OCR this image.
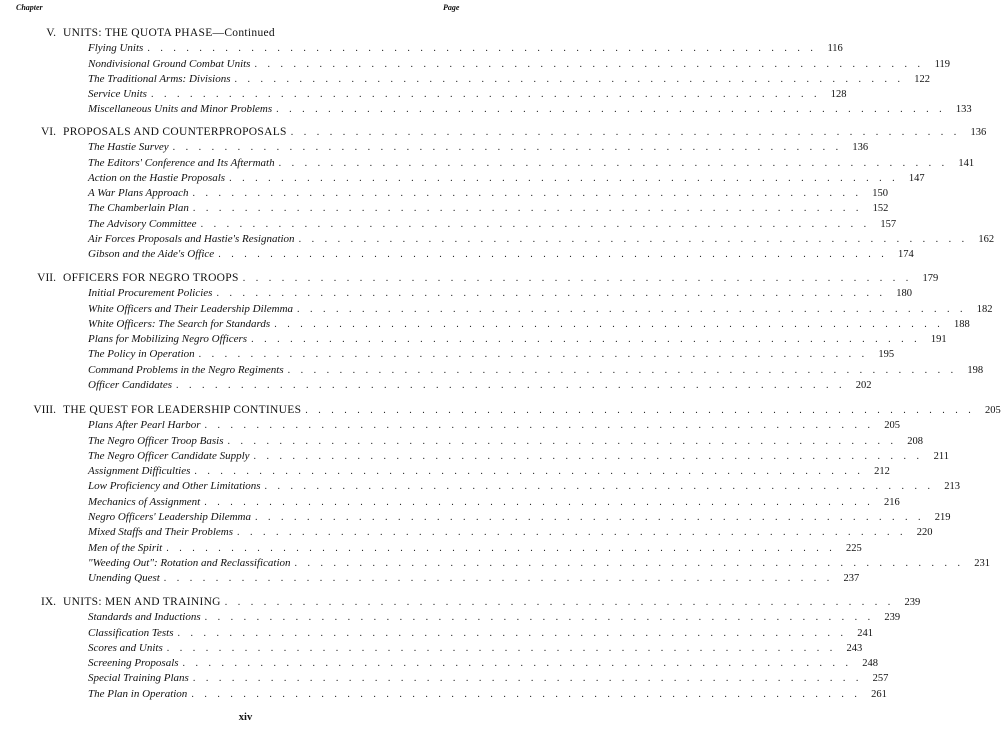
Chapter	Page
V. UNITS: THE QUOTA PHASE—Continued
Flying Units . . . . . . . . . . . . . . . . . . . . . . . . . . . . . . . . . . . . . . . . . . . . . . . . . . . .	116
Nondivisional Ground Combat Units . . . . . . . . . . . . . . . . . . . . . . . . . . . . . . . . . . . . . . . . . . . . . . . . . . . .	119
The Traditional Arms: Divisions . . . . . . . . . . . . . . . . . . . . . . . . . . . . . . . . . . . . . . . . . . . . . . . . . . . . 122
Service Units . . . . . . . . . . . . . . . . . . . . . . . . . . . . . . . . . . . . . . . . . . . . . . . . . . . . 128
Miscellaneous Units and Minor Problems . . . . . . . . . . . . . . . . . . . . . . . . . . . . . . . . . . . . . . . . . . . . . . . . . . . . 133
VI. PROPOSALS AND COUNTERPROPOSALS . . . . . . . . . . . . . . . . . . . . . . . . . . . . . . . . . . . . . . . . . . . . . . . . . . . . 136
The Hastie Survey . . . . . . . . . . . . . . . . . . . . . . . . . . . . . . . . . . . . . . . . . . . . . . . . . . . . 136
The Editors' Conference and Its Aftermath . . . . . . . . . . . . . . . . . . . . . . . . . . . . . . . . . . . . . . . . . . . . . . . . . . . . 141
Action on the Hastie Proposals . . . . . . . . . . . . . . . . . . . . . . . . . . . . . . . . . . . . . . . . . . . . . . . . . . . . 147
A War Plans Approach . . . . . . . . . . . . . . . . . . . . . . . . . . . . . . . . . . . . . . . . . . . . . . . . . . . . 150
The Chamberlain Plan . . . . . . . . . . . . . . . . . . . . . . . . . . . . . . . . . . . . . . . . . . . . . . . . . . . . 152
The Advisory Committee . . . . . . . . . . . . . . . . . . . . . . . . . . . . . . . . . . . . . . . . . . . . . . . . . . . . 157
Air Forces Proposals and Hastie's Resignation . . . . . . . . . . . . . . . . . . . . . . . . . . . . . . . . . . . . . . . . . . . . . . . . . . . . 162
Gibson and the Aide's Office . . . . . . . . . . . . . . . . . . . . . . . . . . . . . . . . . . . . . . . . . . . . . . . . . . . . 174
VII. OFFICERS FOR NEGRO TROOPS . . . . . . . . . . . . . . . . . . . . . . . . . . . . . . . . . . . . . . . . . . . . . . . . . . . . 179
Initial Procurement Policies . . . . . . . . . . . . . . . . . . . . . . . . . . . . . . . . . . . . . . . . . . . . . . . . . . . . 180
White Officers and Their Leadership Dilemma . . . . . . . . . . . . . . . . . . . . . . . . . . . . . . . . . . . . . . . . . . . . . . . . . . . . 182
White Officers: The Search for Standards . . . . . . . . . . . . . . . . . . . . . . . . . . . . . . . . . . . . . . . . . . . . . . . . . . . . 188
Plans for Mobilizing Negro Officers . . . . . . . . . . . . . . . . . . . . . . . . . . . . . . . . . . . . . . . . . . . . . . . . . . . . 191
The Policy in Operation . . . . . . . . . . . . . . . . . . . . . . . . . . . . . . . . . . . . . . . . . . . . . . . . . . . . 195
Command Problems in the Negro Regiments . . . . . . . . . . . . . . . . . . . . . . . . . . . . . . . . . . . . . . . . . . . . . . . . . . . . 198
Officer Candidates . . . . . . . . . . . . . . . . . . . . . . . . . . . . . . . . . . . . . . . . . . . . . . . . . . . . 202
VIII. THE QUEST FOR LEADERSHIP CONTINUES . . . . . . . . . . . . . . . . . . . . . . . . . . . . . . . . . . . . . . . . . . . . . . . . . . . . 205
Plans After Pearl Harbor . . . . . . . . . . . . . . . . . . . . . . . . . . . . . . . . . . . . . . . . . . . . . . . . . . . . 205
The Negro Officer Troop Basis . . . . . . . . . . . . . . . . . . . . . . . . . . . . . . . . . . . . . . . . . . . . . . . . . . . . 208
The Negro Officer Candidate Supply . . . . . . . . . . . . . . . . . . . . . . . . . . . . . . . . . . . . . . . . . . . . . . . . . . . .	211
Assignment Difficulties . . . . . . . . . . . . . . . . . . . . . . . . . . . . . . . . . . . . . . . . . . . . . . . . . . . . 212
Low Proficiency and Other Limitations . . . . . . . . . . . . . . . . . . . . . . . . . . . . . . . . . . . . . . . . . . . . . . . . . . . . 213
Mechanics of Assignment . . . . . . . . . . . . . . . . . . . . . . . . . . . . . . . . . . . . . . . . . . . . . . . . . . . . 216
Negro Officers' Leadership Dilemma . . . . . . . . . . . . . . . . . . . . . . . . . . . . . . . . . . . . . . . . . . . . . . . . . . . . 219
Mixed Staffs and Their Problems . . . . . . . . . . . . . . . . . . . . . . . . . . . . . . . . . . . . . . . . . . . . . . . . . . . . 220
Men of the Spirit . . . . . . . . . . . . . . . . . . . . . . . . . . . . . . . . . . . . . . . . . . . . . . . . . . . . 225
"Weeding Out": Rotation and Reclassification . . . . . . . . . . . . . . . . . . . . . . . . . . . . . . . . . . . . . . . . . . . . . . . . . . . . 231
Unending Quest . . . . . . . . . . . . . . . . . . . . . . . . . . . . . . . . . . . . . . . . . . . . . . . . . . . . 237
IX. UNITS: MEN AND TRAINING . . . . . . . . . . . . . . . . . . . . . . . . . . . . . . . . . . . . . . . . . . . . . . . . . . . . 239
Standards and Inductions . . . . . . . . . . . . . . . . . . . . . . . . . . . . . . . . . . . . . . . . . . . . . . . . . . . . 239
Classification Tests . . . . . . . . . . . . . . . . . . . . . . . . . . . . . . . . . . . . . . . . . . . . . . . . . . . . 241
Scores and Units . . . . . . . . . . . . . . . . . . . . . . . . . . . . . . . . . . . . . . . . . . . . . . . . . . . . 243
Screening Proposals . . . . . . . . . . . . . . . . . . . . . . . . . . . . . . . . . . . . . . . . . . . . . . . . . . . . 248
Special Training Plans . . . . . . . . . . . . . . . . . . . . . . . . . . . . . . . . . . . . . . . . . . . . . . . . . . . . 257
The Plan in Operation . . . . . . . . . . . . . . . . . . . . . . . . . . . . . . . . . . . . . . . . . . . . . . . . . . . . 261
xiv
